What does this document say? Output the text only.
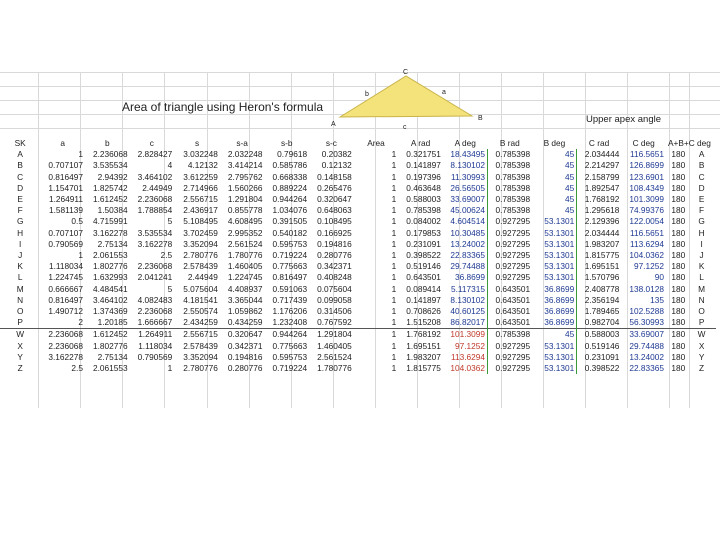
C
b	a
A
B
c
Area of triangle using Heron's formula
Upper apex angle
SK	a	b	c	s	s-a	s-b	s-c	Area	A rad	A deg	B rad	B deg	C rad	C deg	A+B+C deg	
A	1	2.236068	2.828427	3.032248	2.032248	0.79618	0.20382	1	0.321751	18.43495	0.785398	45	2.034444	116.5651	180	A
B	0.707107	3.535534	4	4.12132	3.414214	0.585786	0.12132	1	0.141897	8.130102	0.785398	45	2.214297	126.8699	180	B
C	0.816497	2.94392	3.464102	3.612259	2.795762	0.668338	0.148158	1	0.197396	11.30993	0.785398	45	2.158799	123.6901	180	C
D	1.154701	1.825742	2.44949	2.714966	1.560266	0.889224	0.265476	1	0.463648	26.56505	0.785398	45	1.892547	108.4349	180	D
E	1.264911	1.612452	2.236068	2.556715	1.291804	0.944264	0.320647	1	0.588003	33.69007	0.785398	45	1.768192	101.3099	180	E
F	1.581139	1.50384	1.788854	2.436917	0.855778	1.034076	0.648063	1	0.785398	45.00624	0.785398	45	1.295618	74.99376	180	F
G	0.5	4.715991	5	5.108495	4.608495	0.391505	0.108495	1	0.084002	4.604514	0.927295	53.1301	2.129396	122.0054	180	G
H	0.707107	3.162278	3.535534	3.702459	2.995352	0.540182	0.166925	1	0.179853	10.30485	0.927295	53.1301	2.034444	116.5651	180	H
I	0.790569	2.75134	3.162278	3.352094	2.561524	0.595753	0.194816	1	0.231091	13.24002	0.927295	53.1301	1.983207	113.6294	180	I
J	1	2.061553	2.5	2.780776	1.780776	0.719224	0.280776	1	0.398522	22.83365	0.927295	53.1301	1.815775	104.0362	180	J
K	1.118034	1.802776	2.236068	2.578439	1.460405	0.775663	0.342371	1	0.519146	29.74488	0.927295	53.1301	1.695151	97.1252	180	K
L	1.224745	1.632993	2.041241	2.44949	1.224745	0.816497	0.408248	1	0.643501	36.8699	0.927295	53.1301	1.570796	90	180	L
M	0.666667	4.484541	5	5.075604	4.408937	0.591063	0.075604	1	0.089414	5.117315	0.643501	36.8699	2.408778	138.0128	180	M
N	0.816497	3.464102	4.082483	4.181541	3.365044	0.717439	0.099058	1	0.141897	8.130102	0.643501	36.8699	2.356194	135	180	N
O	1.490712	1.374369	2.236068	2.550574	1.059862	1.176206	0.314506	1	0.708626	40.60125	0.643501	36.8699	1.789465	102.5288	180	O
P	2	1.20185	1.666667	2.434259	0.434259	1.232408	0.767592	1	1.515208	86.82017	0.643501	36.8699	0.982704	56.30993	180	P
W	2.236068	1.612452	1.264911	2.556715	0.320647	0.944264	1.291804	1	1.768192	101.3099	0.785398	45	0.588003	33.69007	180	W
X	2.236068	1.802776	1.118034	2.578439	0.342371	0.775663	1.460405	1	1.695151	97.1252	0.927295	53.1301	0.519146	29.74488	180	X
Y	3.162278	2.75134	0.790569	3.352094	0.194816	0.595753	2.561524	1	1.983207	113.6294	0.927295	53.1301	0.231091	13.24002	180	Y
Z	2.5	2.061553	1	2.780776	0.280776	0.719224	1.780776	1	1.815775	104.0362	0.927295	53.1301	0.398522	22.83365	180	Z
